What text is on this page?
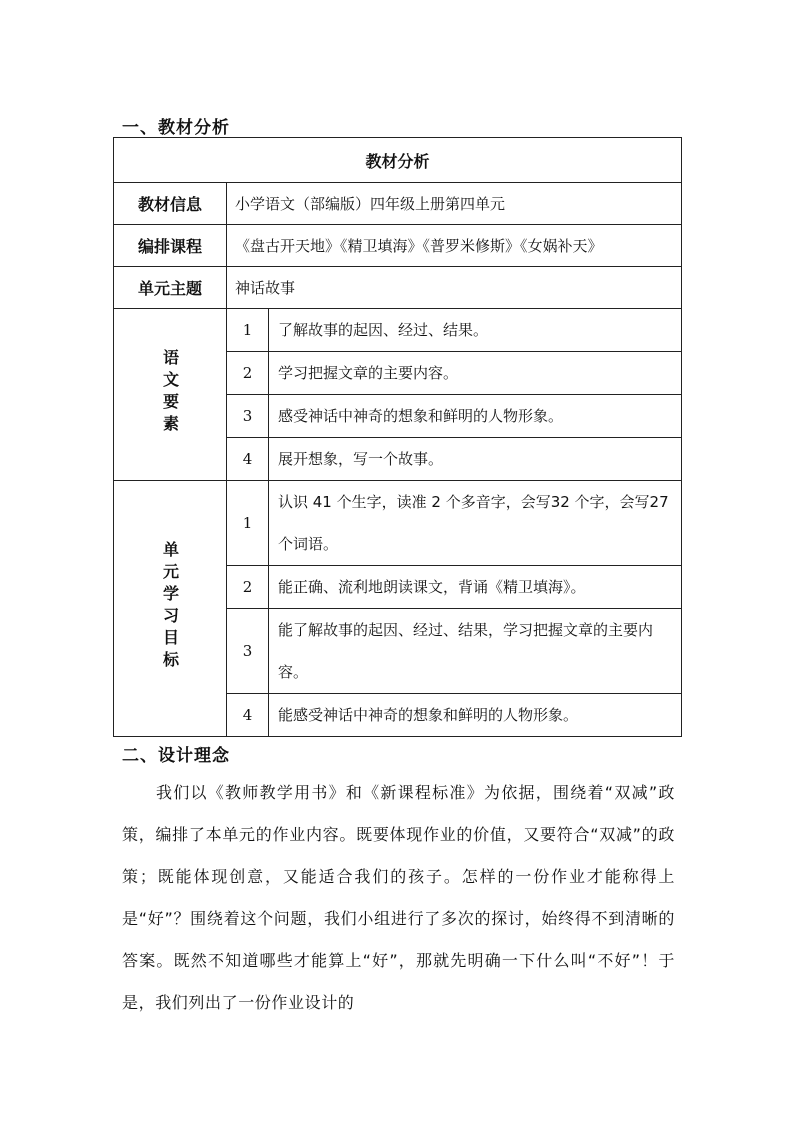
一、教材分析
教材分析		
教材信息	小学语文（部编版）四年级上册第四单元	
编排课程	《盘古开天地》《精卫填海》《普罗米修斯》《女娲补天》	
单元主题	神话故事	
语文要素	1	了解故事的起因、经过、结果。
	2	学习把握文章的主要内容。
	3	感受神话中神奇的想象和鲜明的人物形象。
	4	展开想象，写一个故事。
单元学习目标	1	认识 41 个生字，读准 2 个多音字，会写32 个字，会写27 个词语。
	2	能正确、流利地朗读课文，背诵《精卫填海》。
	3	能了解故事的起因、经过、结果，学习把握文章的主要内容。
	4	能感受神话中神奇的想象和鲜明的人物形象。
二、设计理念
我们以《教师教学用书》和《新课程标准》为依据，围绕着“双减”政策，编排了本单元的作业内容。既要体现作业的价值，又要符合“双减”的政策；既能体现创意，又能适合我们的孩子。怎样的一份作业才能称得上是“好”？围绕着这个问题，我们小组进行了多次的探讨，始终得不到清晰的答案。既然不知道哪些才能算上“好”，那就先明确一下什么叫“不好”！于是，我们列出了一份作业设计的
